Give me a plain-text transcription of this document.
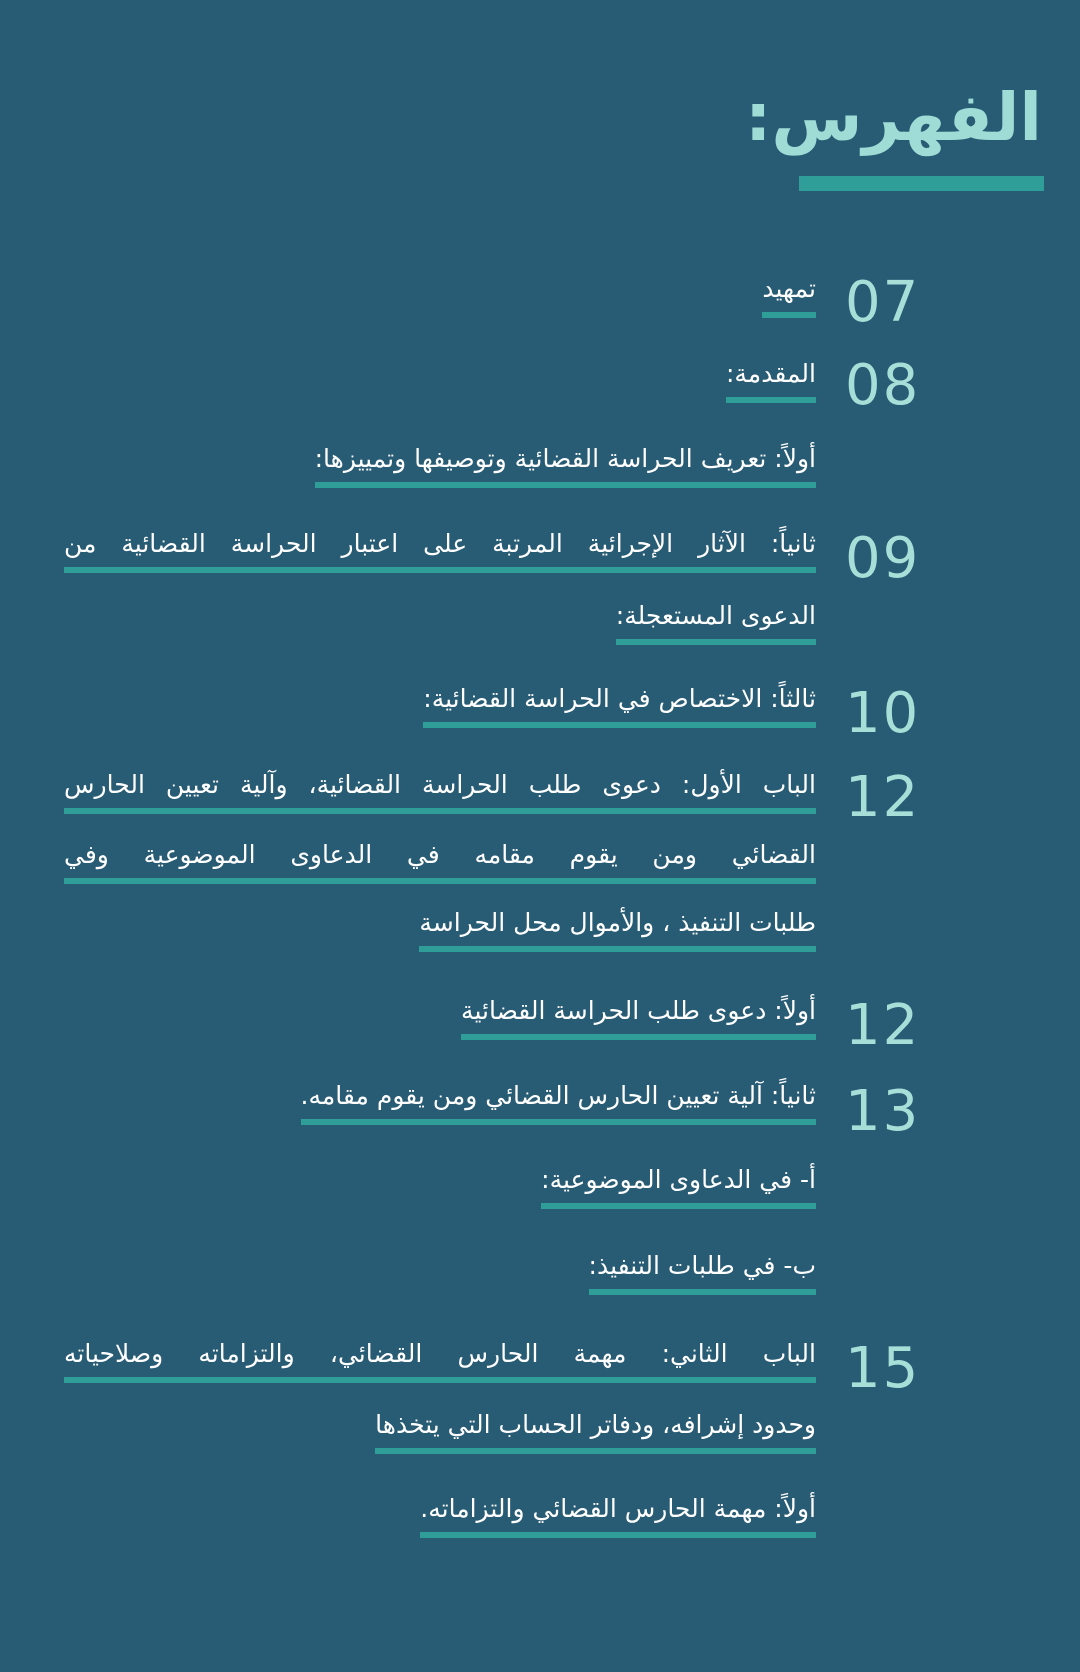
الفهرس:
07
تمهيد
08
المقدمة:
أولاً: تعريف الحراسة القضائية وتوصيفها وتمييزها:
09
ثانياً: الآثار الإجرائية المرتبة على اعتبار الحراسة القضائية من
الدعوى المستعجلة:
10
ثالثاً: الاختصاص في الحراسة القضائية:
12
الباب الأول: دعوى طلب الحراسة القضائية، وآلية تعيين الحارس
القضائي ومن يقوم مقامه في الدعاوى الموضوعية وفي
طلبات التنفيذ ، والأموال محل الحراسة
12
أولاً: دعوى طلب الحراسة القضائية
13
ثانياً: آلية تعيين الحارس القضائي ومن يقوم مقامه.
أ- في الدعاوى الموضوعية:
ب- في طلبات التنفيذ:
15
الباب الثاني: مهمة الحارس القضائي، والتزاماته وصلاحياته
وحدود إشرافه، ودفاتر الحساب التي يتخذها
أولاً: مهمة الحارس القضائي والتزاماته.
